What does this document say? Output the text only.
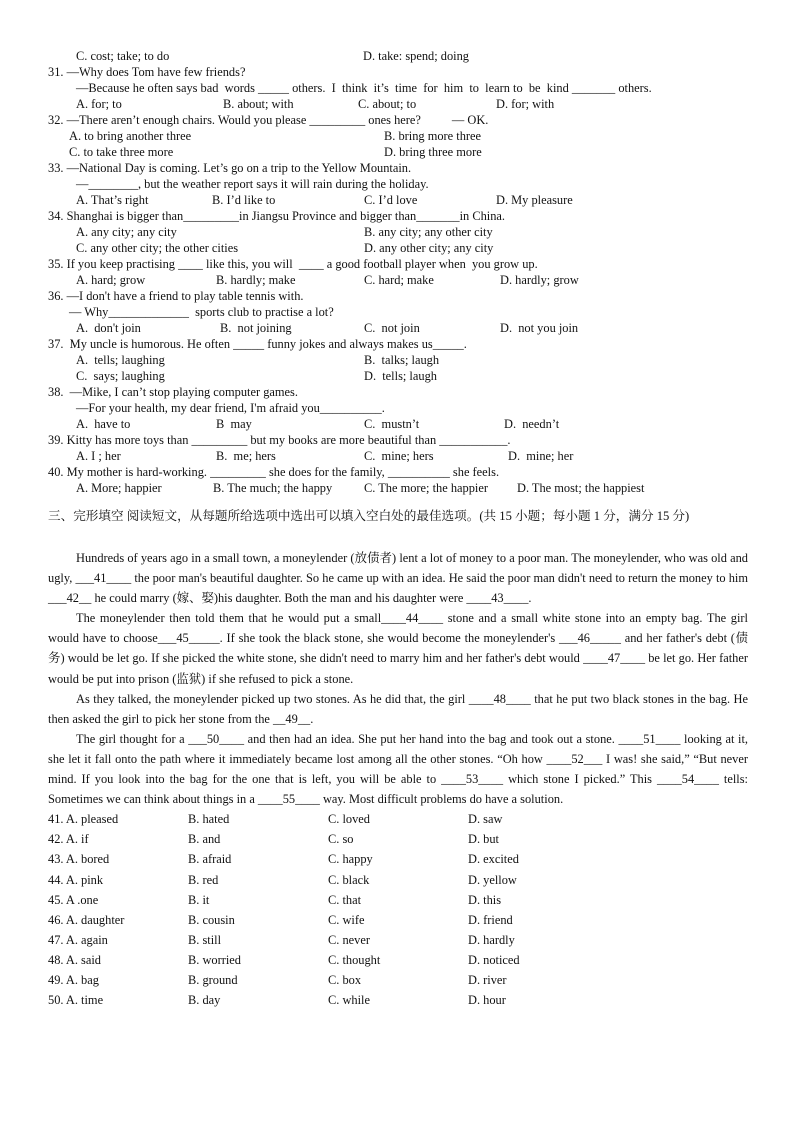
C. cost; take; to do

	D. take: spend; doing

31. —Why does Tom have few friends?
—Because he often says bad  words _____ others.  I  think  it’s  time  for  him  to  learn to  be  kind _______ others.

A. for; to

	B. about; with

	C. about; to

	D. for; with

32. —There aren’t enough chairs. Would you please _________ ones here?          — OK.

A. to bring another three

	B. bring more three

C. to take three more

	D. bring three more

33. —National Day is coming. Let’s go on a trip to the Yellow Mountain.
—________, but the weather report says it will rain during the holiday.

A. That’s right

	B. I’d like to

	C. I’d love

	D. My pleasure

34. Shanghai is bigger than_________in Jiangsu Province and bigger than_______in China.

A. any city; any city

	B. any city; any other city

C. any other city; the other cities

	D. any other city; any city

35. If you keep practising ____ like this, you will  ____ a good football player when  you grow up.

A. hard; grow

	B. hardly; make

	C. hard; make

	D. hardly; grow

36. —I don't have a friend to play table tennis with.
— Why_____________  sports club to practise a lot?

A.  don't join

	B.  not joining

	C.  not join

	D.  not you join

37.  My uncle is humorous. He often _____ funny jokes and always makes us_____.

A.  tells; laughing

	B.  talks; laugh

C.  says; laughing

	D.  tells; laugh

38.  —Mike, I can’t stop playing computer games.
—For your health, my dear friend, I'm afraid you__________.

A.  have to

	B  may

	C.  mustn’t

	D.  needn’t

39. Kitty has more toys than _________ but my books are more beautiful than ___________.

A. I ; her

	B.  me; hers

	C.  mine; hers

	D.  mine; her

40. My mother is hard-working. _________ she does for the family, __________ she feels.

A. More; happier

	B. The much; the happy

	C. The more; the happier

D. The most; the happiest

三、完形填空 阅读短文，从每题所给选项中选出可以填入空白处的最佳选项。(共 15 小题；每小题 1 分，满分 15 分)
Hundreds of years ago in a small town, a moneylender (放债者) lent a lot of money to a poor man. The moneylender, who was old and ugly, ___41____ the poor man's beautiful daughter. So he came up with an idea. He said the poor man didn't need to return the money to him ___42__ he could marry (嫁、娶)his daughter. Both the man and his daughter were ____43____.
The moneylender then told them that he would put a small____44____ stone and a small white stone into an empty bag. The girl would have to choose___45_____. If she took the black stone, she would become the moneylender's ___46_____ and her father's debt (债务) would be let go. If she picked the white stone, she didn't need to marry him and her father's debt would ____47____ be let go. Her father would be put into prison (监狱) if she refused to pick a stone.
As they talked, the moneylender picked up two stones. As he did that, the girl ____48____ that he put two black stones in the bag. He then asked the girl to pick her stone from the __49__.
The girl thought for a ___50____ and then had an idea. She put her hand into the bag and took out a stone. ____51____ looking at it, she let it fall onto the path where it immediately became lost among all the other stones. “Oh how ____52___ I was! she said,” “But never mind. If you look into the bag for the one that is left, you will be able to ____53____ which stone I picked.” This ____54____ tells: Sometimes we can think about things in a ____55____ way. Most difficult problems do have a solution.

41. A. pleased

	B. hated

	C. loved

	D. saw

42. A. if

	B. and

	C. so

	D. but

43. A. bored

	B. afraid

	C. happy

	D. excited

44. A. pink

	B. red

	C. black

	D. yellow

45. A .one

	B. it

	C. that

	D. this

46. A. daughter

	B. cousin

	C. wife

	D. friend

47. A. again

	B. still

	C. never

	D. hardly

48. A. said

	B. worried

	C. thought

	D. noticed

49. A. bag

	B. ground

	C. box

	D. river

50. A. time

	B. day

	C. while

	D. hour
